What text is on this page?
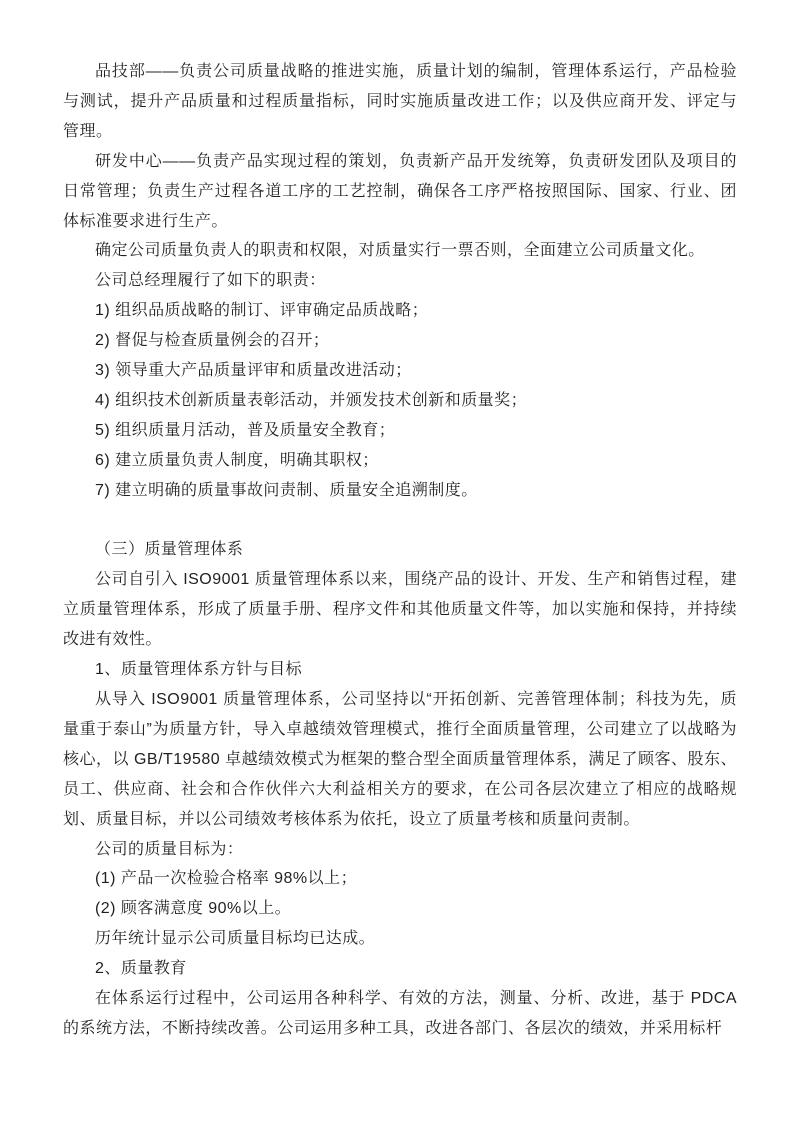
品技部——负责公司质量战略的推进实施，质量计划的编制，管理体系运行，产品检验与测试，提升产品质量和过程质量指标，同时实施质量改进工作；以及供应商开发、评定与管理。

研发中心——负责产品实现过程的策划，负责新产品开发统筹，负责研发团队及项目的日常管理；负责生产过程各道工序的工艺控制，确保各工序严格按照国际、国家、行业、团体标准要求进行生产。

确定公司质量负责人的职责和权限，对质量实行一票否则，全面建立公司质量文化。

公司总经理履行了如下的职责：

1) 组织品质战略的制订、评审确定品质战略；

2) 督促与检查质量例会的召开；

3) 领导重大产品质量评审和质量改进活动；

4) 组织技术创新质量表彰活动，并颁发技术创新和质量奖；

5) 组织质量月活动，普及质量安全教育；

6) 建立质量负责人制度，明确其职权；

7) 建立明确的质量事故问责制、质量安全追溯制度。

（三）质量管理体系

公司自引入 ISO9001 质量管理体系以来，围绕产品的设计、开发、生产和销售过程，建立质量管理体系，形成了质量手册、程序文件和其他质量文件等，加以实施和保持，并持续改进有效性。

1、质量管理体系方针与目标

从导入 ISO9001 质量管理体系，公司坚持以“开拓创新、完善管理体制；科技为先，质量重于泰山”为质量方针，导入卓越绩效管理模式，推行全面质量管理，公司建立了以战略为核心，以 GB/T19580 卓越绩效模式为框架的整合型全面质量管理体系，满足了顾客、股东、员工、供应商、社会和合作伙伴六大利益相关方的要求，在公司各层次建立了相应的战略规划、质量目标，并以公司绩效考核体系为依托，设立了质量考核和质量问责制。

公司的质量目标为：

(1) 产品一次检验合格率 98%以上；

(2) 顾客满意度 90%以上。

历年统计显示公司质量目标均已达成。

2、质量教育

在体系运行过程中，公司运用各种科学、有效的方法，测量、分析、改进，基于 PDCA 的系统方法，不断持续改善。公司运用多种工具，改进各部门、各层次的绩效，并采用标杆
